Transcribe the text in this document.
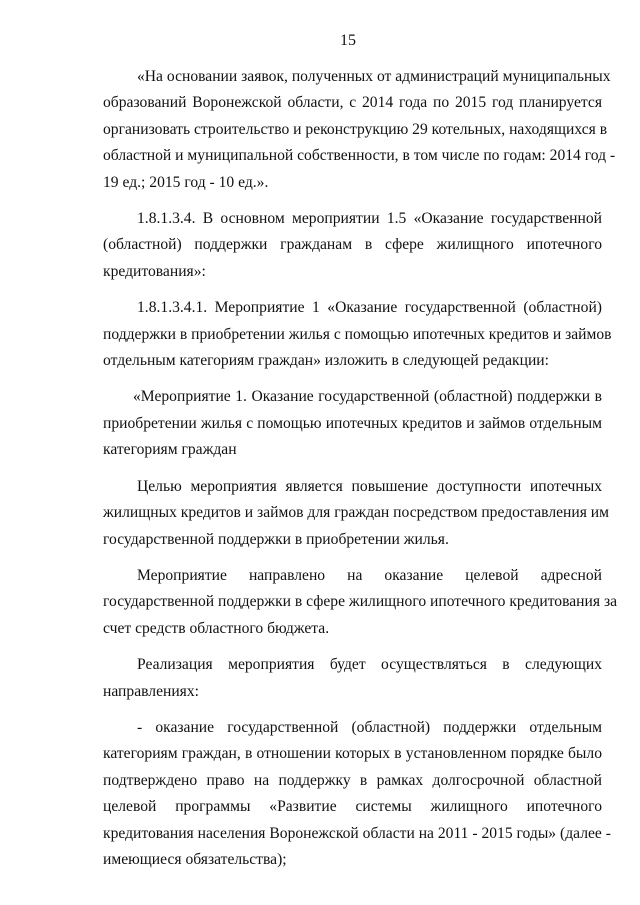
15

«На основании заявок, полученных от администраций муниципальных
образований Воронежской области, с 2014 года по 2015 год планируется
организовать строительство и реконструкцию 29 котельных, находящихся в
областной и муниципальной собственности, в том числе по годам: 2014 год -
19 ед.; 2015 год - 10 ед.».

1.8.1.3.4. В основном мероприятии 1.5 «Оказание государственной
(областной) поддержки гражданам в сфере жилищного ипотечного
кредитования»:

1.8.1.3.4.1. Мероприятие 1 «Оказание государственной (областной)
поддержки в приобретении жилья с помощью ипотечных кредитов и займов
отдельным категориям граждан» изложить в следующей редакции:

«Мероприятие 1. Оказание государственной (областной) поддержки в
приобретении жилья с помощью ипотечных кредитов и займов отдельным
категориям граждан

Целью мероприятия является повышение доступности ипотечных
жилищных кредитов и займов для граждан посредством предоставления им
государственной поддержки в приобретении жилья.

Мероприятие направлено на оказание целевой адресной
государственной поддержки в сфере жилищного ипотечного кредитования за
счет средств областного бюджета.

Реализация мероприятия будет осуществляться в следующих
направлениях:

- оказание государственной (областной) поддержки отдельным
категориям граждан, в отношении которых в установленном порядке было
подтверждено право на поддержку в рамках долгосрочной областной
целевой программы «Развитие системы жилищного ипотечного
кредитования населения Воронежской области на 2011 - 2015 годы» (далее -
имеющиеся обязательства);
